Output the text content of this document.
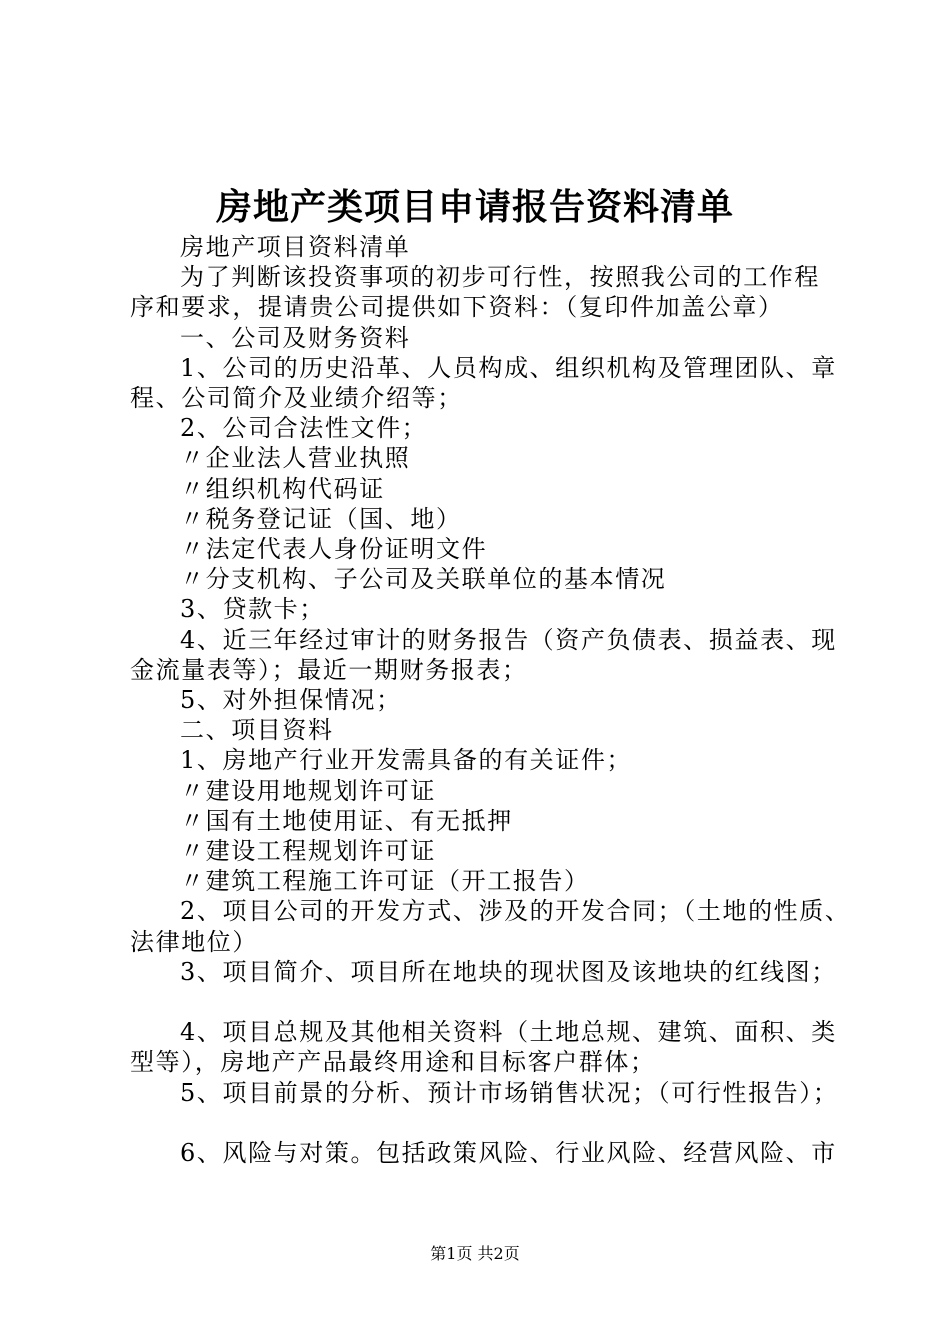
房地产类项目申请报告资料清单
房地产项目资料清单
为了判断该投资事项的初步可行性，按照我公司的工作程
序和要求，提请贵公司提供如下资料：（复印件加盖公章）
一、公司及财务资料
1、公司的历史沿革、人员构成、组织机构及管理团队、章
程、公司简介及业绩介绍等；
2、公司合法性文件；
〃企业法人营业执照
〃组织机构代码证
〃税务登记证（国、地）
〃法定代表人身份证明文件
〃分支机构、子公司及关联单位的基本情况
3、贷款卡；
4、近三年经过审计的财务报告（资产负债表、损益表、现
金流量表等）；最近一期财务报表；
5、对外担保情况；
二、项目资料
1、房地产行业开发需具备的有关证件；
〃建设用地规划许可证
〃国有土地使用证、有无抵押
〃建设工程规划许可证
〃建筑工程施工许可证（开工报告）
2、项目公司的开发方式、涉及的开发合同；（土地的性质、
法律地位）
3、项目简介、项目所在地块的现状图及该地块的红线图；
4、项目总规及其他相关资料（土地总规、建筑、面积、类
型等），房地产产品最终用途和目标客户群体；
5、项目前景的分析、预计市场销售状况；（可行性报告）；
6、风险与对策。包括政策风险、行业风险、经营风险、市
第1页 共2页
